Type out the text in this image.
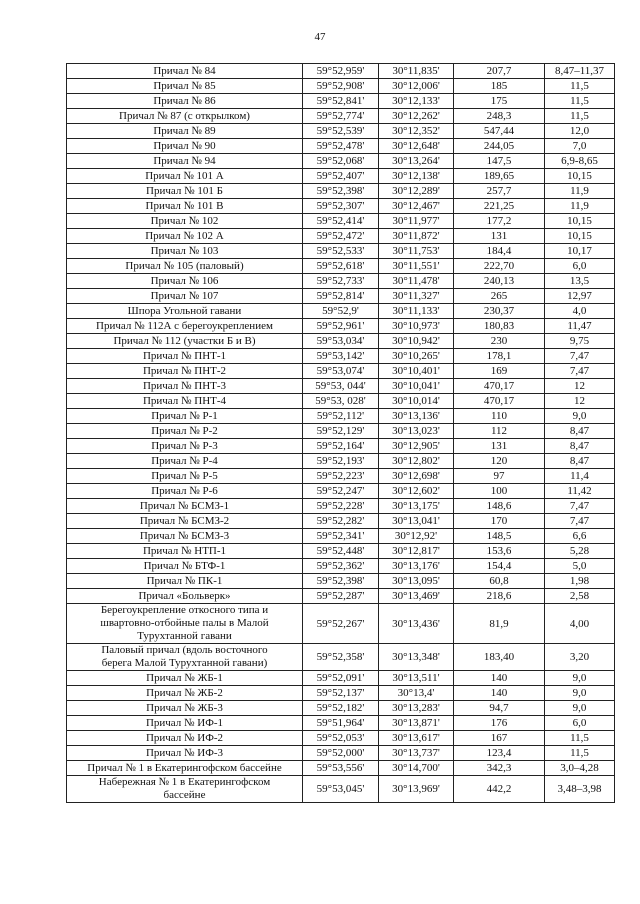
47
Причал № 84	59°52,959'	30°11,835'	207,7	8,47–11,37

Причал № 85	59°52,908'	30°12,006'	185	11,5

Причал № 86	59°52,841'	30°12,133'	175	11,5

Причал № 87 (с открылком)	59°52,774'	30°12,262'	248,3	11,5

Причал № 89	59°52,539'	30°12,352'	547,44	12,0

Причал № 90	59°52,478'	30°12,648'	244,05	7,0

Причал № 94	59°52,068'	30°13,264'	147,5	6,9-8,65

Причал № 101 А	59°52,407'	30°12,138'	189,65	10,15

Причал № 101 Б	59°52,398'	30°12,289'	257,7	11,9

Причал № 101 В	59°52,307'	30°12,467'	221,25	11,9

Причал № 102	59°52,414'	30°11,977'	177,2	10,15

Причал № 102 А	59°52,472'	30°11,872'	131	10,15

Причал № 103	59°52,533'	30°11,753'	184,4	10,17

Причал № 105 (паловый)	59°52,618'	30°11,551'	222,70	6,0

Причал № 106	59°52,733'	30°11,478'	240,13	13,5

Причал № 107	59°52,814'	30°11,327'	265	12,97

Шпора Угольной гавани	59°52,9'	30°11,133'	230,37	4,0

Причал № 112А с берегоукреплением	59°52,961'	30°10,973'	180,83	11,47

Причал № 112 (участки Б и В)	59°53,034'	30°10,942'	230	9,75

Причал № ПНТ-1	59°53,142'	30°10,265'	178,1	7,47

Причал № ПНТ-2	59°53,074'	30°10,401'	169	7,47

Причал № ПНТ-3	59°53, 044'	30°10,041'	470,17	12

Причал № ПНТ-4	59°53, 028'	30°10,014'	470,17	12

Причал № Р-1	59°52,112'	30°13,136'	110	9,0

Причал № Р-2	59°52,129'	30°13,023'	112	8,47

Причал № Р-3	59°52,164'	30°12,905'	131	8,47

Причал № Р-4	59°52,193'	30°12,802'	120	8,47

Причал № Р-5	59°52,223'	30°12,698'	97	11,4

Причал № Р-6	59°52,247'	30°12,602'	100	11,42

Причал № БСМЗ-1	59°52,228'	30°13,175'	148,6	7,47

Причал № БСМЗ-2	59°52,282'	30°13,041'	170	7,47

Причал № БСМЗ-3	59°52,341'	30°12,92'	148,5	6,6

Причал № НТП-1	59°52,448'	30°12,817'	153,6	5,28

Причал № БТФ-1	59°52,362'	30°13,176'	154,4	5,0

Причал № ПК-1	59°52,398'	30°13,095'	60,8	1,98

Причал «Больверк»	59°52,287'	30°13,469'	218,6	2,58

Берегоукрепление откосного типа и
швартовно-отбойные палы в Малой
Турухтанной гавани	59°52,267'	30°13,436'	81,9	4,00

Паловый причал (вдоль восточного
берега Малой Турухтанной гавани)	59°52,358'	30°13,348'	183,40	3,20

Причал № ЖБ-1	59°52,091'	30°13,511'	140	9,0

Причал № ЖБ-2	59°52,137'	30°13,4'	140	9,0

Причал № ЖБ-3	59°52,182'	30°13,283'	94,7	9,0

Причал № ИФ-1	59°51,964'	30°13,871'	176	6,0

Причал № ИФ-2	59°52,053'	30°13,617'	167	11,5

Причал № ИФ-3	59°52,000'	30°13,737'	123,4	11,5

Причал № 1 в Екатерингофском бассейне	59°53,556'	30°14,700'	342,3	3,0–4,28

Набережная № 1 в Екатерингофском
бассейне	59°53,045'	30°13,969'	442,2	3,48–3,98
